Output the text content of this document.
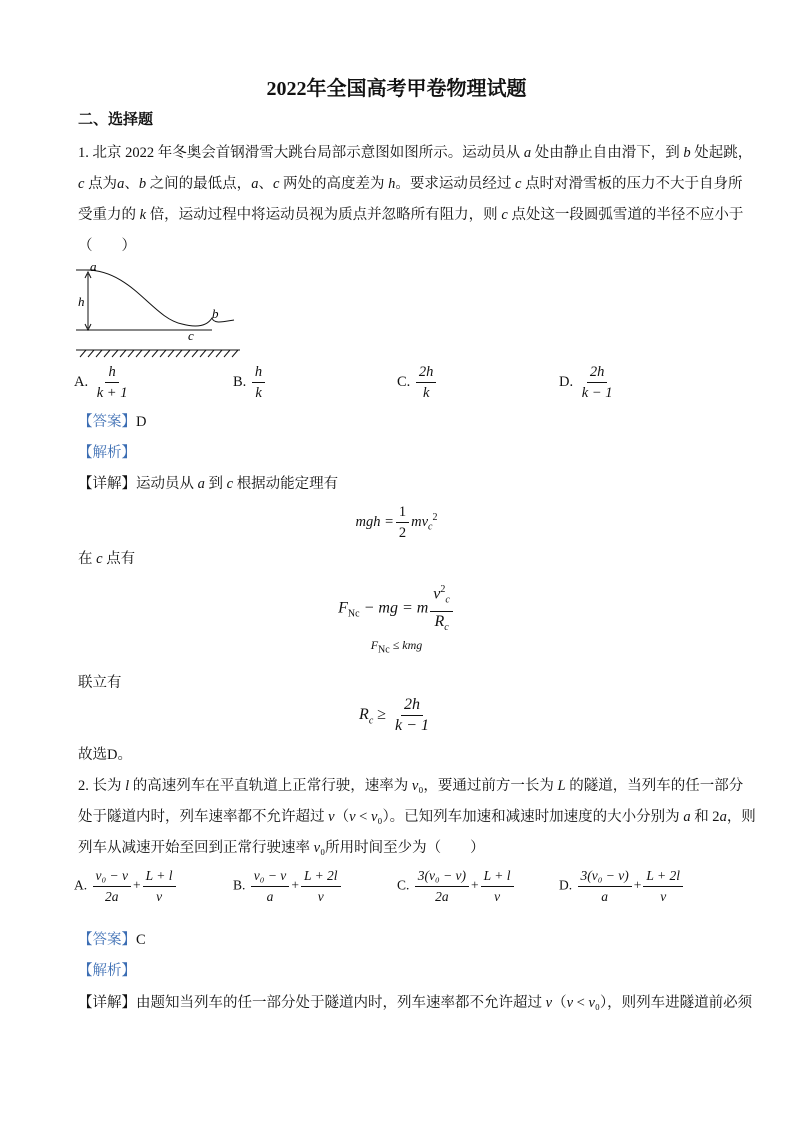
2022年全国高考甲卷物理试题
二、选择题
1. 北京 2022 年冬奥会首钢滑雪大跳台局部示意图如图所示。运动员从 a 处由静止自由滑下，到 b 处起跳，
c 点为a、b 之间的最低点，a、c 两处的高度差为 h。要求运动员经过 c 点时对滑雪板的压力不大于自身所
受重力的 k 倍，运动过程中将运动员视为质点并忽略所有阻力，则 c 点处这一段圆弧雪道的半径不应小于
（　　）
a
h
c
b
A. $\frac{h}{k + 1}$	B. $\frac{h}{k}$	C. $\frac{2h}{k}$	D. $\frac{2h}{k - 1}$
【答案】D
【解析】
【详解】运动员从 a 到 c 根据动能定理有
mgh = $\frac{1}{2} mv_c^2$
在 c 点有
$F_{Nc}$ − mg = m $\frac{v^2_c}{R_c}$
$F_{Nc}$ ≤ kmg
联立有
$R_c \ge \frac{2h}{k - 1}$
故选D。
2. 长为 l 的高速列车在平直轨道上正常行驶，速率为 v₀，要通过前方一长为 L 的隧道，当列车的任一部分
处于隧道内时，列车速率都不允许超过 v（v < v₀）。已知列车加速和减速时加速度的大小分别为 a 和 2a，则
列车从减速开始至回到正常行驶速率 v₀所用时间至少为（　　）
A. $\frac{\text{v₀ − v}}{2a} + \frac{L + l}{v}$	B. $\frac{\text{v₀ − v}}{a} + \frac{L + 2l}{v}$	C. $\frac{\text{3(v₀ − v)}}{2a} + \frac{L + l}{v}$	D. $\frac{\text{3(v₀ − v)}}{a} + \frac{L + 2l}{v}$
【答案】C
【解析】
【详解】由题知当列车的任一部分处于隧道内时，列车速率都不允许超过 v（v < v₀），则列车进隧道前必须
